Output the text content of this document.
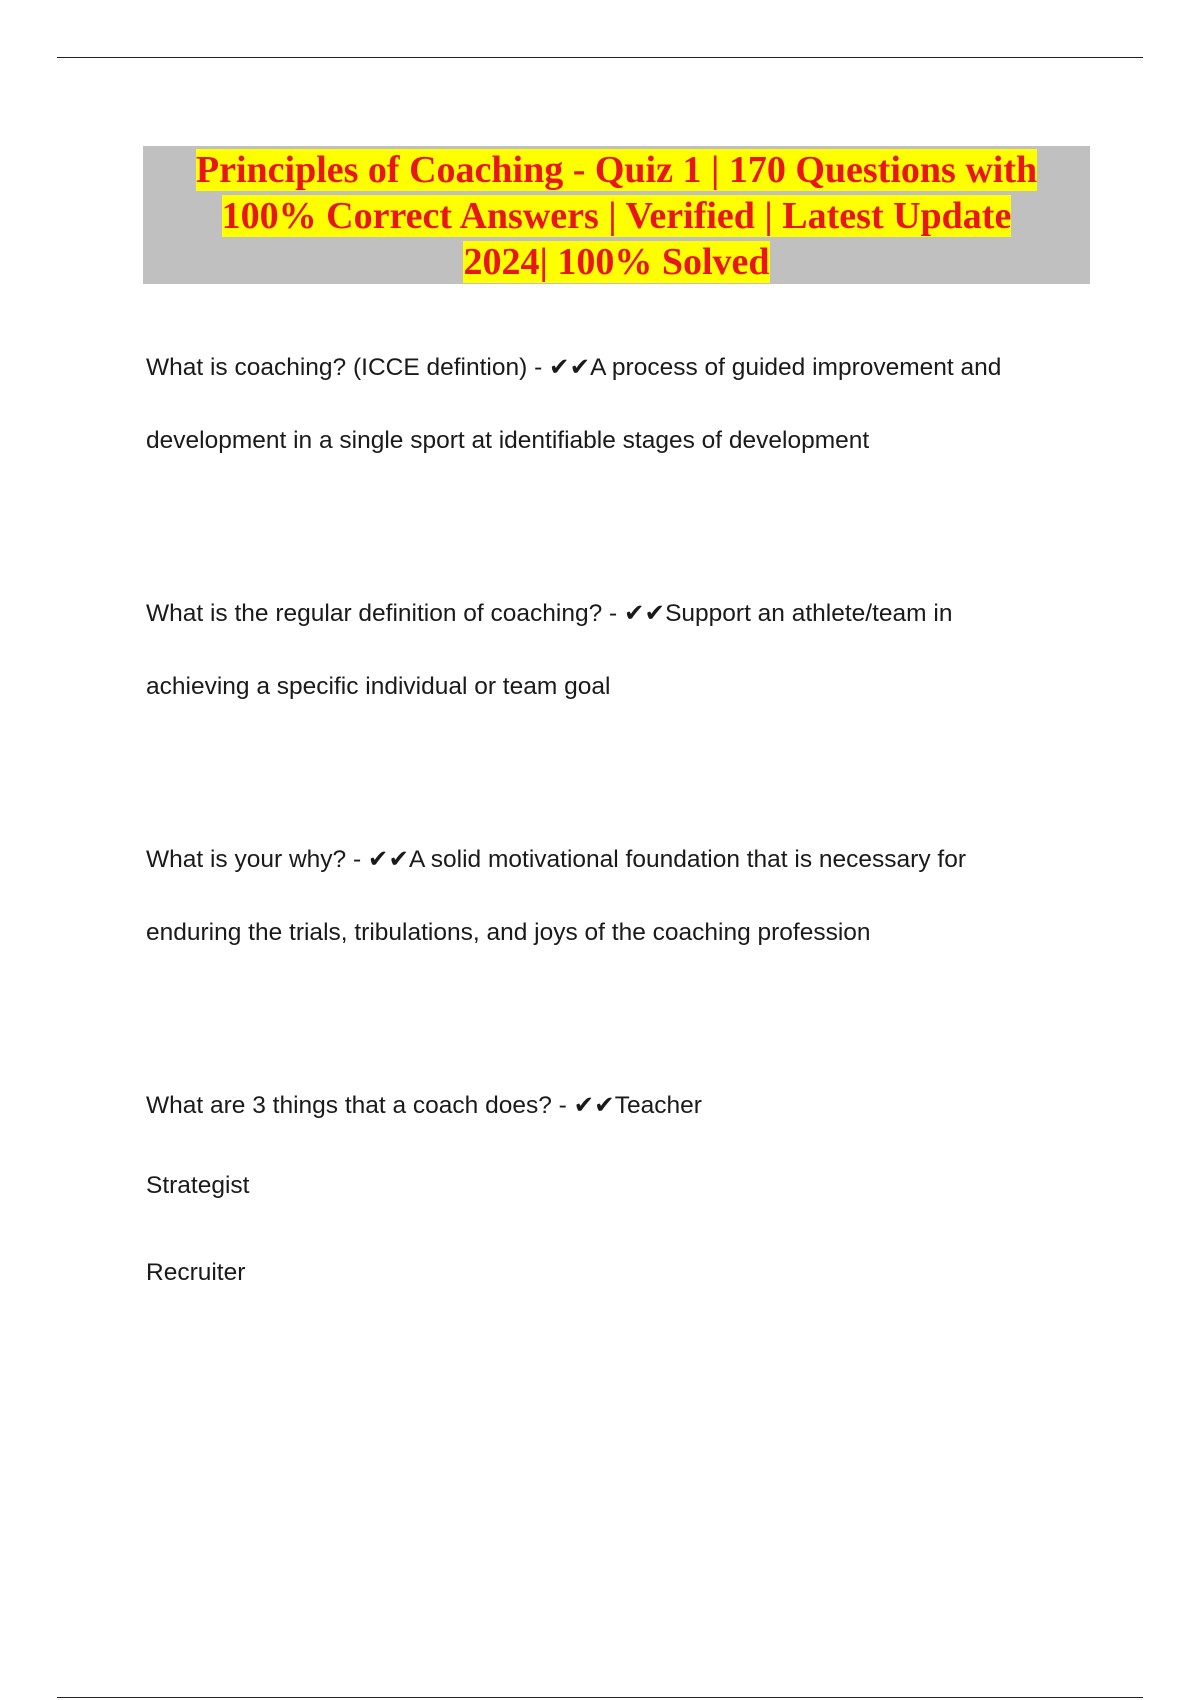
Principles of Coaching - Quiz 1 | 170 Questions with
100% Correct Answers | Verified | Latest Update
2024| 100% Solved

What is coaching? (ICCE defintion) - ✔✔A process of guided improvement and

development in a single sport at identifiable stages of development

What is the regular definition of coaching? - ✔✔Support an athlete/team in

achieving a specific individual or team goal

What is your why? - ✔✔A solid motivational foundation that is necessary for

enduring the trials, tribulations, and joys of the coaching profession

What are 3 things that a coach does? - ✔✔Teacher

Strategist

Recruiter
